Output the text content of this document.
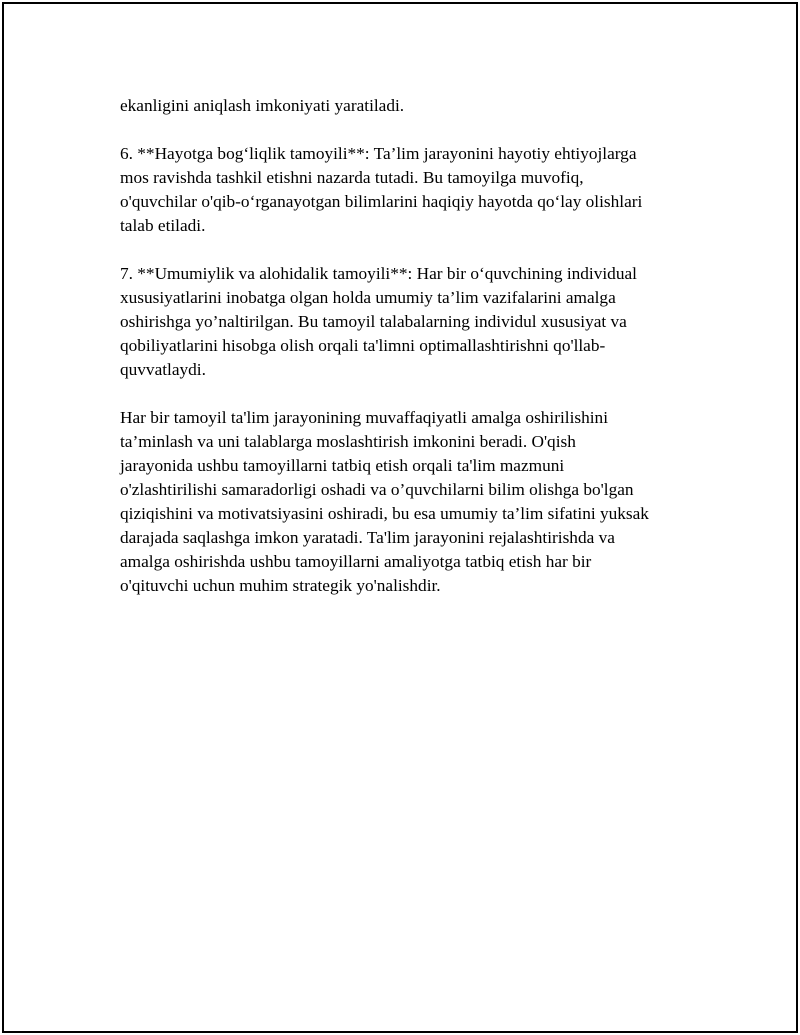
ekanligini aniqlash imkoniyati yaratiladi.

6. **Hayotga bog‘liqlik tamoyili**: Ta’lim jarayonini hayotiy ehtiyojlarga
mos ravishda tashkil etishni nazarda tutadi. Bu tamoyilga muvofiq,
o'quvchilar o'qib-o‘rganayotgan bilimlarini haqiqiy hayotda qo‘lay olishlari
talab etiladi.

7. **Umumiylik va alohidalik tamoyili**: Har bir o‘quvchining individual
xususiyatlarini inobatga olgan holda umumiy ta’lim vazifalarini amalga
oshirishga yo’naltirilgan. Bu tamoyil talabalarning individul xususiyat va
qobiliyatlarini hisobga olish orqali ta'limni optimallashtirishni qo'llab-
quvvatlaydi.

Har bir tamoyil ta'lim jarayonining muvaffaqiyatli amalga oshirilishini
ta’minlash va uni talablarga moslashtirish imkonini beradi. O'qish
jarayonida ushbu tamoyillarni tatbiq etish orqali ta'lim mazmuni
o'zlashtirilishi samaradorligi oshadi va o’quvchilarni bilim olishga bo'lgan
qiziqishini va motivatsiyasini oshiradi, bu esa umumiy ta’lim sifatini yuksak
darajada saqlashga imkon yaratadi. Ta'lim jarayonini rejalashtirishda va
amalga oshirishda ushbu tamoyillarni amaliyotga tatbiq etish har bir
o'qituvchi uchun muhim strategik yo'nalishdir.
